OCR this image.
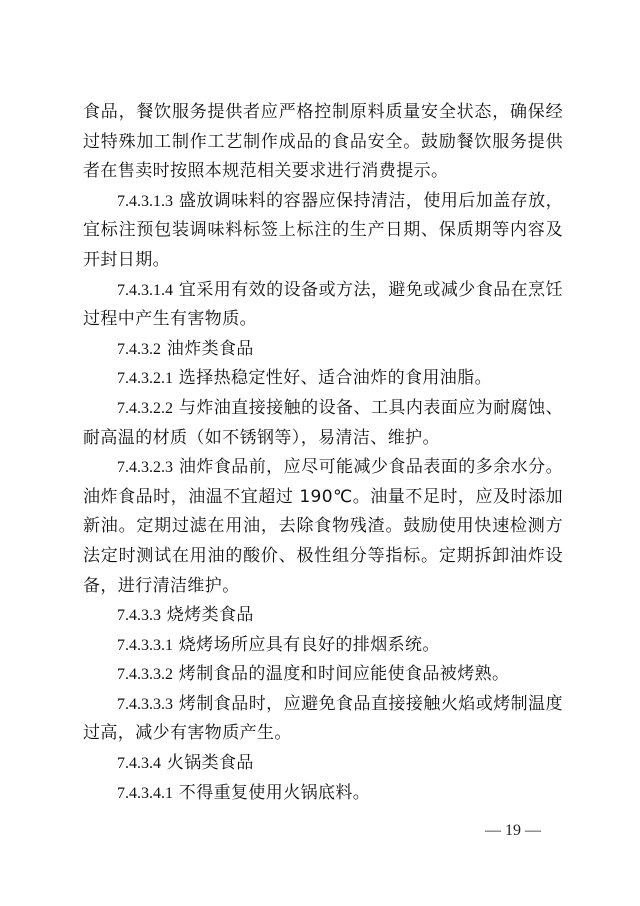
食品，餐饮服务提供者应严格控制原料质量安全状态，确保经过特殊加工制作工艺制作成品的食品安全。鼓励餐饮服务提供者在售卖时按照本规范相关要求进行消费提示。

7.4.3.1.3 盛放调味料的容器应保持清洁，使用后加盖存放，宜标注预包装调味料标签上标注的生产日期、保质期等内容及开封日期。

7.4.3.1.4 宜采用有效的设备或方法，避免或减少食品在烹饪过程中产生有害物质。

7.4.3.2 油炸类食品

7.4.3.2.1 选择热稳定性好、适合油炸的食用油脂。

7.4.3.2.2 与炸油直接接触的设备、工具内表面应为耐腐蚀、耐高温的材质（如不锈钢等），易清洁、维护。

7.4.3.2.3 油炸食品前，应尽可能减少食品表面的多余水分。油炸食品时，油温不宜超过 190℃。油量不足时，应及时添加新油。定期过滤在用油，去除食物残渣。鼓励使用快速检测方法定时测试在用油的酸价、极性组分等指标。定期拆卸油炸设备，进行清洁维护。

7.4.3.3 烧烤类食品

7.4.3.3.1 烧烤场所应具有良好的排烟系统。

7.4.3.3.2 烤制食品的温度和时间应能使食品被烤熟。

7.4.3.3.3 烤制食品时，应避免食品直接接触火焰或烤制温度过高，减少有害物质产生。

7.4.3.4 火锅类食品

7.4.3.4.1 不得重复使用火锅底料。

— 19 —
